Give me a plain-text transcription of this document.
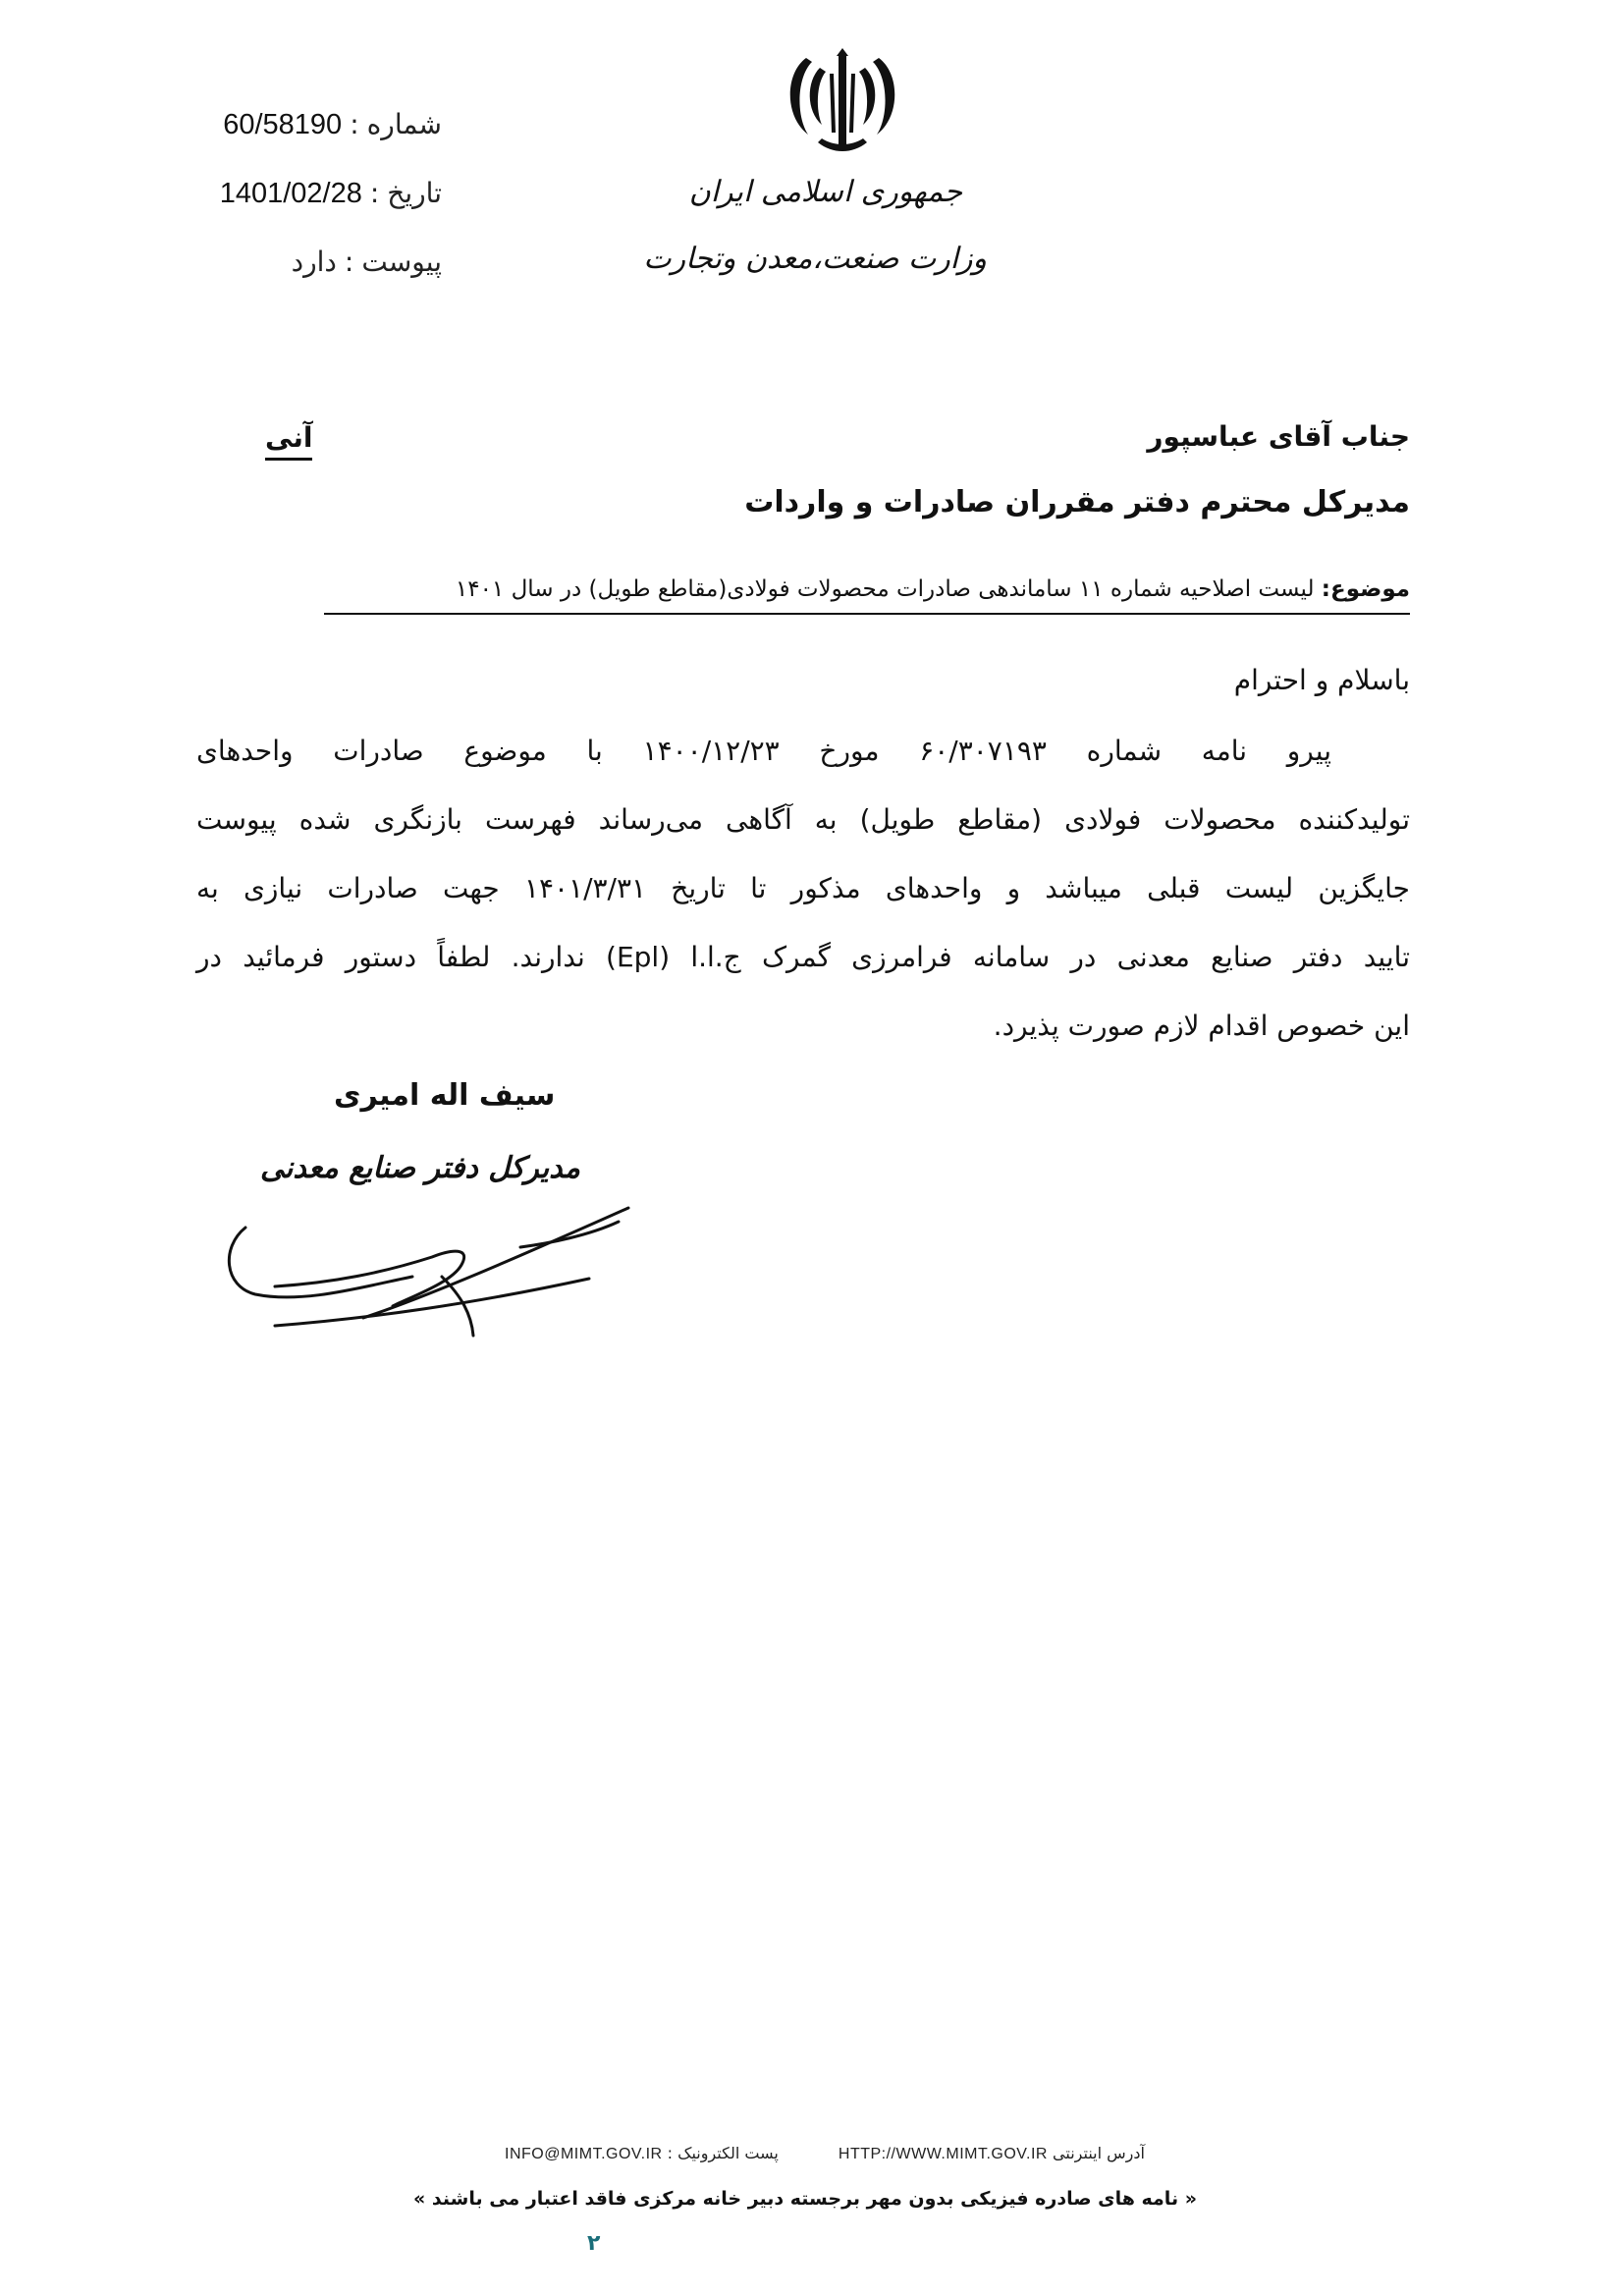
شماره
:
60/58190
تاریخ
:
1401/02/28
پیوست
:
دارد
جمهوری اسلامی ایران
وزارت صنعت،معدن وتجارت
جناب آقای عباسپور
آنی
مدیرکل محترم دفتر مقرران صادرات و واردات
موضوع: لیست اصلاحیه شماره ۱۱ ساماندهی صادرات محصولات فولادی(مقاطع طویل) در سال ۱۴۰۱
باسلام و احترام
پیرو نامه شماره ۶۰/۳۰۷۱۹۳ مورخ ۱۴۰۰/۱۲/۲۳ با موضوع صادرات واحدهای
تولیدکننده محصولات فولادی (مقاطع طویل) به آگاهی می‌رساند فهرست بازنگری شده پیوست
جایگزین لیست قبلی میباشد و واحدهای مذکور تا تاریخ ۱۴۰۱/۳/۳۱ جهت صادرات نیازی به
تایید دفتر صنایع معدنی در سامانه فرامرزی گمرک ج.ا.ا (Epl) ندارند. لطفاً دستور فرمائید در
این خصوص اقدام لازم صورت پذیرد.
سیف اله امیری
مدیرکل دفتر صنایع معدنی
آدرس اینترنتی HTTP://WWW.MIMT.GOV.IR پست الکترونیک : INFO@MIMT.GOV.IR
« نامه های صادره فیزیکی بدون مهر برجسته دبیر خانه مرکزی فاقد اعتبار می باشند »
۲
